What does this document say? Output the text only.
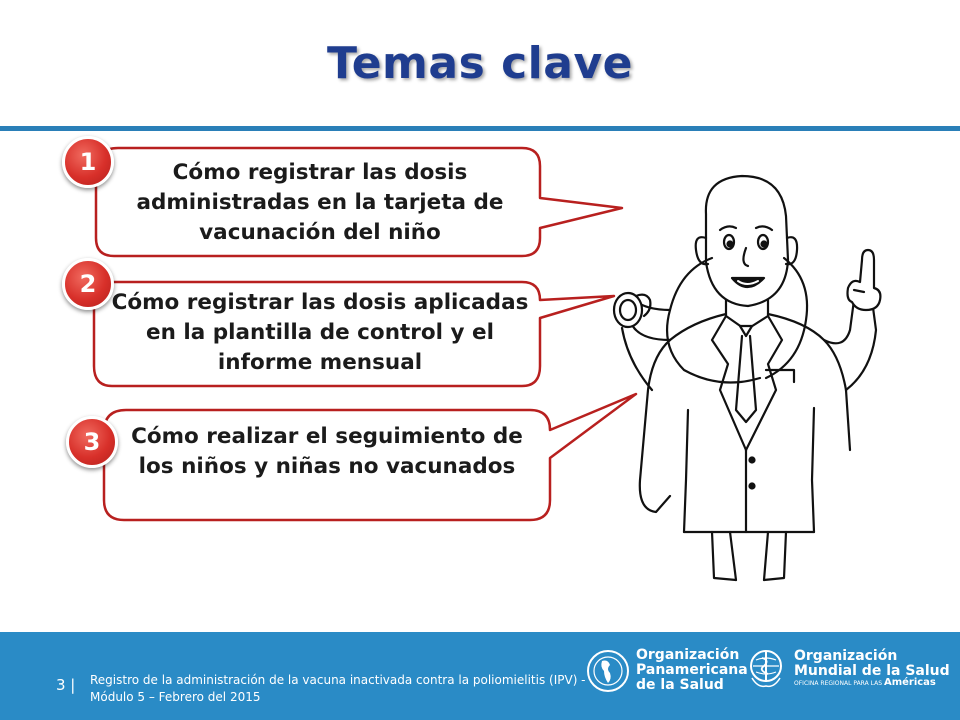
Temas clave
Cómo registrar las dosis administradas en la tarjeta de vacunación del niño
Cómo registrar las dosis aplicadas en la plantilla de control y el informe mensual
Cómo realizar el seguimiento de los niños y niñas no vacunados
1
2
3
3 | Registro de la administración de la vacuna inactivada contra la poliomielitis (IPV) - Módulo 5 – Febrero del 2015
Organización
Panamericana
de la Salud
Organización
Mundial de la Salud
OFICINA REGIONAL PARA LAS Américas
